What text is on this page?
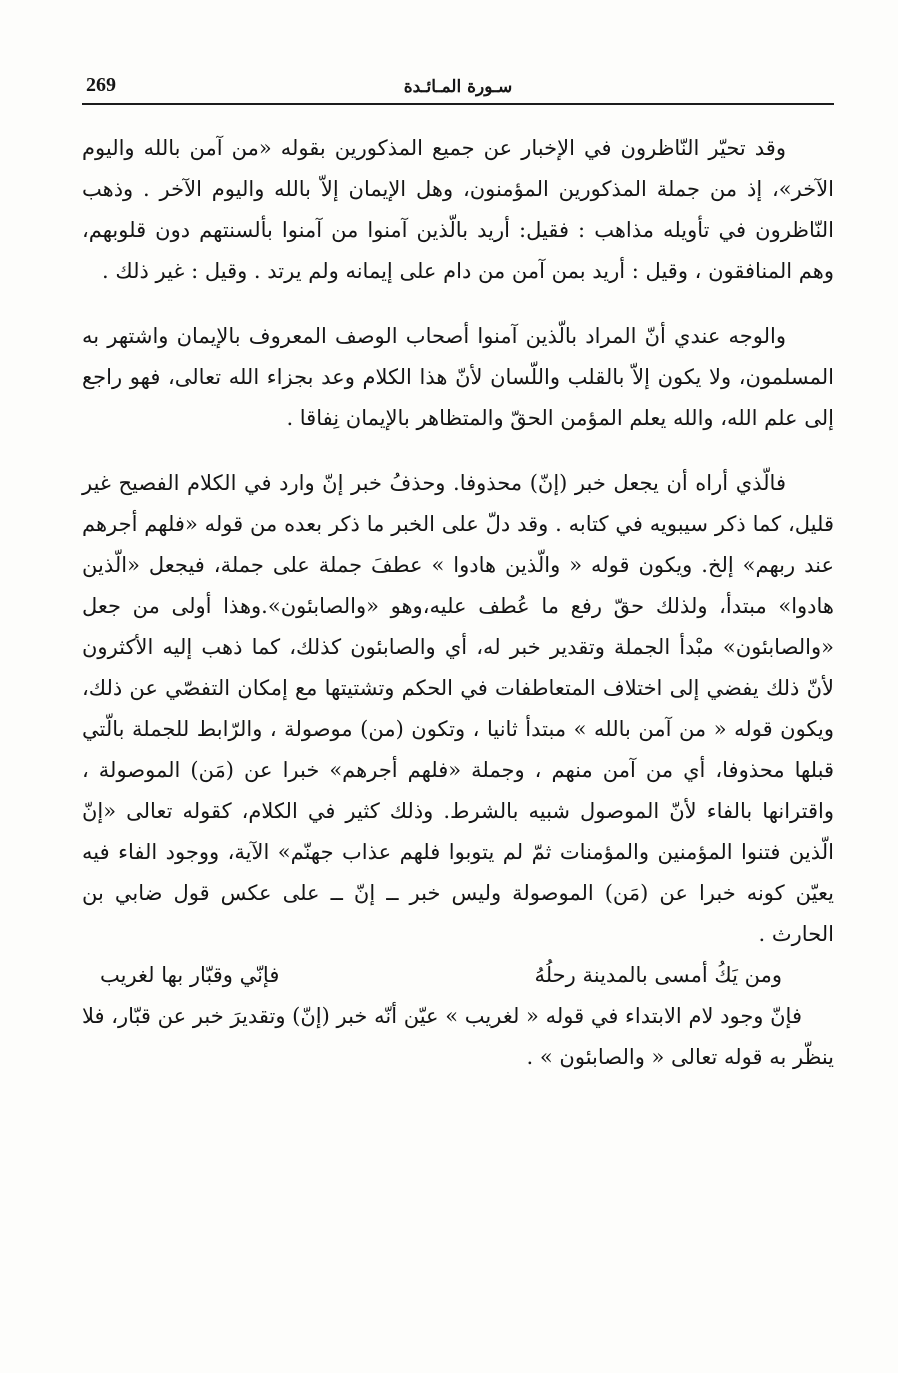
269	سـورة المـائـدة

وقد تحيّر النّاظرون في الإخبار عن جميع المذكورين بقوله «من آمن بالله واليوم الآخر»، إذ من جملة المذكورين المؤمنون، وهل الإيمان إلاّ بالله واليوم الآخر . وذهب النّاظرون في تأويله مذاهب : فقيل: أريد بالّذين آمنوا من آمنوا بألسنتهم دون قلوبهم، وهم المنافقون ، وقيل : أريد بمن آمن من دام على إيمانه ولم يرتد . وقيل : غير ذلك .

والوجه عندي أنّ المراد بالّذين آمنوا أصحاب الوصف المعروف بالإيمان واشتهر به المسلمون، ولا يكون إلاّ بالقلب واللّسان لأنّ هذا الكلام وعد بجزاء الله تعالى، فهو راجع إلى علم الله، والله يعلم المؤمن الحقّ والمتظاهر بالإيمان نِفاقا .

فالّذي أراه أن يجعل خبر (إنّ) محذوفا. وحذفُ خبر إنّ وارد في الكلام الفصيح غير قليل، كما ذكر سيبويه في كتابه . وقد دلّ على الخبر ما ذكر بعده من قوله «فلهم أجرهم عند ربهم» إلخ. ويكون قوله « والّذين هادوا » عطفَ جملة على جملة، فيجعل «الّذين هادوا» مبتدأ، ولذلك حقّ رفع ما عُطف عليه،وهو «والصابئون».وهذا أولى من جعل «والصابئون» مبْدأ الجملة وتقدير خبر له، أي والصابئون كذلك، كما ذهب إليه الأكثرون لأنّ ذلك يفضي إلى اختلاف المتعاطفات في الحكم وتشتيتها مع إمكان التفصّي عن ذلك، ويكون قوله « من آمن بالله » مبتدأ ثانيا ، وتكون (من) موصولة ، والرّابط للجملة بالّتي قبلها محذوفا، أي من آمن منهم ، وجملة «فلهم أجرهم» خبرا عن (مَن) الموصولة ، واقترانها بالفاء لأنّ الموصول شبيه بالشرط. وذلك كثير في الكلام، كقوله تعالى «إنّ الّذين فتنوا المؤمنين والمؤمنات ثمّ لم يتوبوا فلهم عذاب جهنّم» الآية، ووجود الفاء فيه يعيّن كونه خبرا عن (مَن) الموصولة وليس خبر ــ إنّ ــ على عكس قول ضابي بن الحارث .

ومن يَكُ أمسى بالمدينة رحلُهُ
فإنّي وقبّار بها لغريب

فإنّ وجود لام الابتداء في قوله « لغريب » عيّن أنّه خبر (إنّ) وتقديرَ خبر عن قبّار، فلا ينظّر به قوله تعالى « والصابئون » .
